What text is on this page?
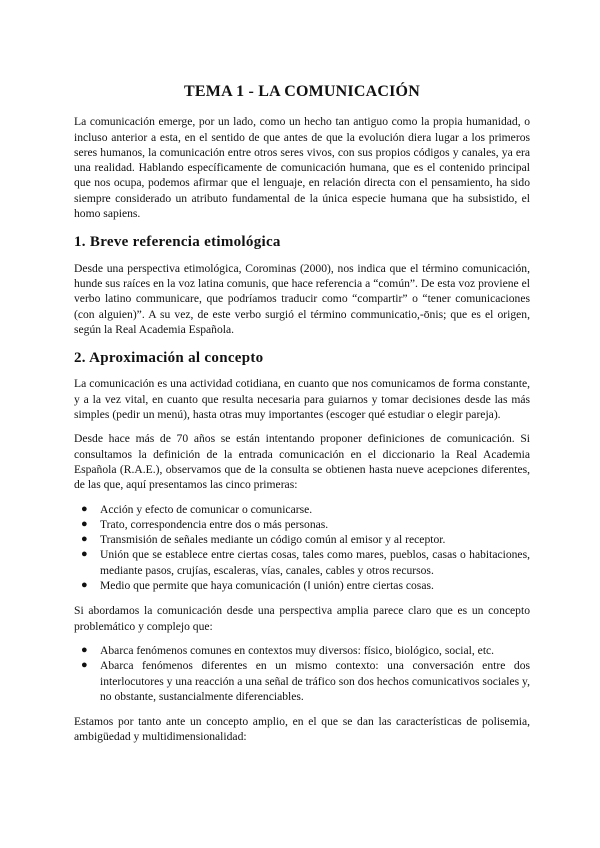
TEMA 1 - LA COMUNICACIÓN

La comunicación emerge, por un lado, como un hecho tan antiguo como la propia humanidad, o incluso anterior a esta, en el sentido de que antes de que la evolución diera lugar a los primeros seres humanos, la comunicación entre otros seres vivos, con sus propios códigos y canales, ya era una realidad. Hablando específicamente de comunicación humana, que es el contenido principal que nos ocupa, podemos afirmar que el lenguaje, en relación directa con el pensamiento, ha sido siempre considerado un atributo fundamental de la única especie humana que ha subsistido, el homo sapiens.

1. Breve referencia etimológica

Desde una perspectiva etimológica, Corominas (2000), nos indica que el término comunicación, hunde sus raíces en la voz latina comunis, que hace referencia a “común”. De esta voz proviene el verbo latino communicare, que podríamos traducir como “compartir” o “tener comunicaciones (con alguien)”. A su vez, de este verbo surgió el término communicatio,-ōnis; que es el origen, según la Real Academia Española.

2. Aproximación al concepto

La comunicación es una actividad cotidiana, en cuanto que nos comunicamos de forma constante, y a la vez vital, en cuanto que resulta necesaria para guiarnos y tomar decisiones desde las más simples (pedir un menú), hasta otras muy importantes (escoger qué estudiar o elegir pareja).

Desde hace más de 70 años se están intentando proponer definiciones de comunicación. Si consultamos la definición de la entrada comunicación en el diccionario la Real Academia Española (R.A.E.), observamos que de la consulta se obtienen hasta nueve acepciones diferentes, de las que, aquí presentamos las cinco primeras:

● Acción y efecto de comunicar o comunicarse.
● Trato, correspondencia entre dos o más personas.
● Transmisión de señales mediante un código común al emisor y al receptor.
● Unión que se establece entre ciertas cosas, tales como mares, pueblos, casas o habitaciones, mediante pasos, crujías, escaleras, vías, canales, cables y otros recursos.
● Medio que permite que haya comunicación (‖ unión) entre ciertas cosas.

Si abordamos la comunicación desde una perspectiva amplia parece claro que es un concepto problemático y complejo que:

● Abarca fenómenos comunes en contextos muy diversos: físico, biológico, social, etc.
● Abarca fenómenos diferentes en un mismo contexto: una conversación entre dos interlocutores y una reacción a una señal de tráfico son dos hechos comunicativos sociales y, no obstante, sustancialmente diferenciables.

Estamos por tanto ante un concepto amplio, en el que se dan las características de polisemia, ambigüedad y multidimensionalidad:
